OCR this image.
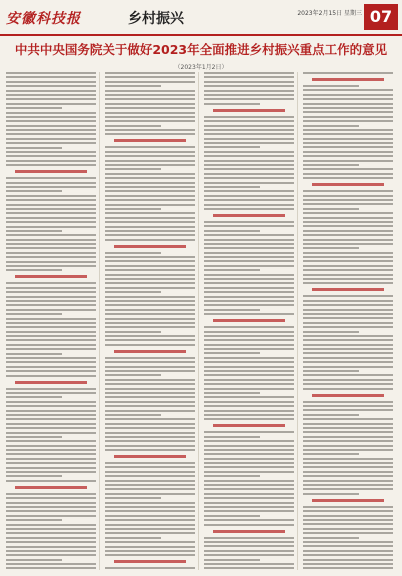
安徽科技报	乡村振兴	2023年2月15日 星期三 07
中共中央国务院关于做好2023年全面推进乡村振兴重点工作的意见
（2023年1月2日）
